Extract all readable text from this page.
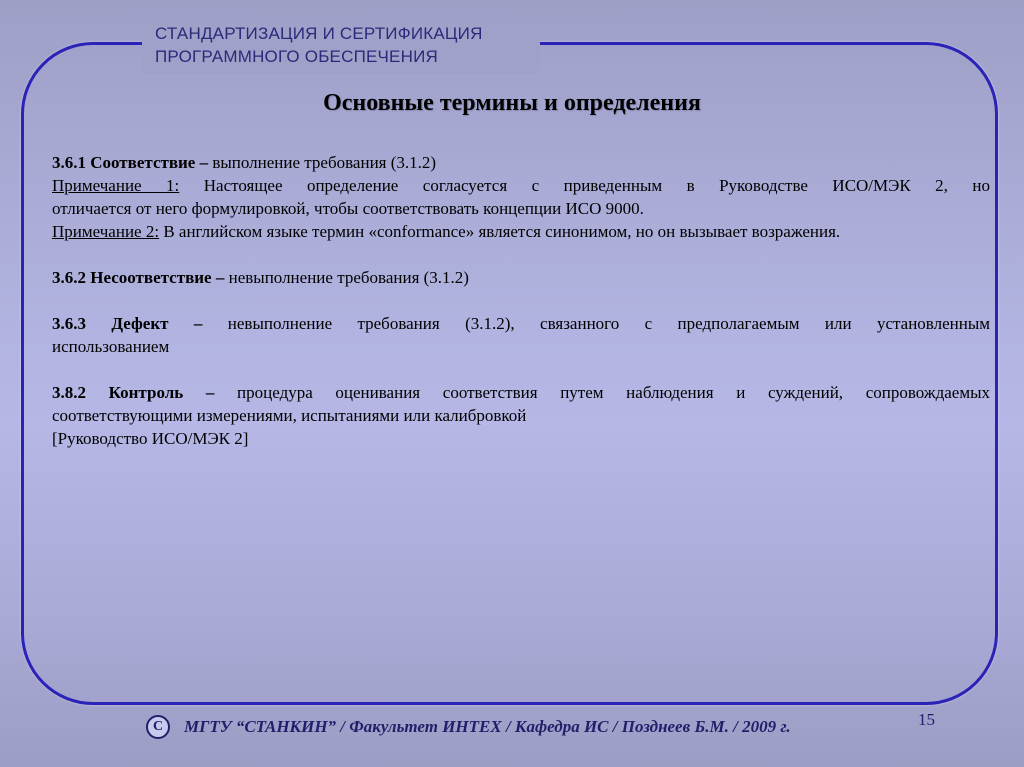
СТАНДАРТИЗАЦИЯ И СЕРТИФИКАЦИЯ
ПРОГРАММНОГО ОБЕСПЕЧЕНИЯ
Основные термины и определения
3.6.1 Соответствие – выполнение требования (3.1.2)
Примечание 1: Настоящее определение согласуется с приведенным в Руководстве ИСО/МЭК 2, но
отличается от него формулировкой, чтобы соответствовать концепции ИСО 9000.
Примечание 2: В английском языке термин «conformance» является синонимом, но он вызывает возражения.
3.6.2 Несоответствие – невыполнение требования (3.1.2)
3.6.3 Дефект – невыполнение требования (3.1.2), связанного с предполагаемым или установленным
использованием
3.8.2 Контроль – процедура оценивания соответствия путем наблюдения и суждений, сопровождаемых
соответствующими измерениями, испытаниями или калибровкой
[Руководство ИСО/МЭК 2]
C	МГТУ “СТАНКИН” / Факультет ИНТЕХ / Кафедра ИС / Позднеев Б.М. / 2009 г.	15
